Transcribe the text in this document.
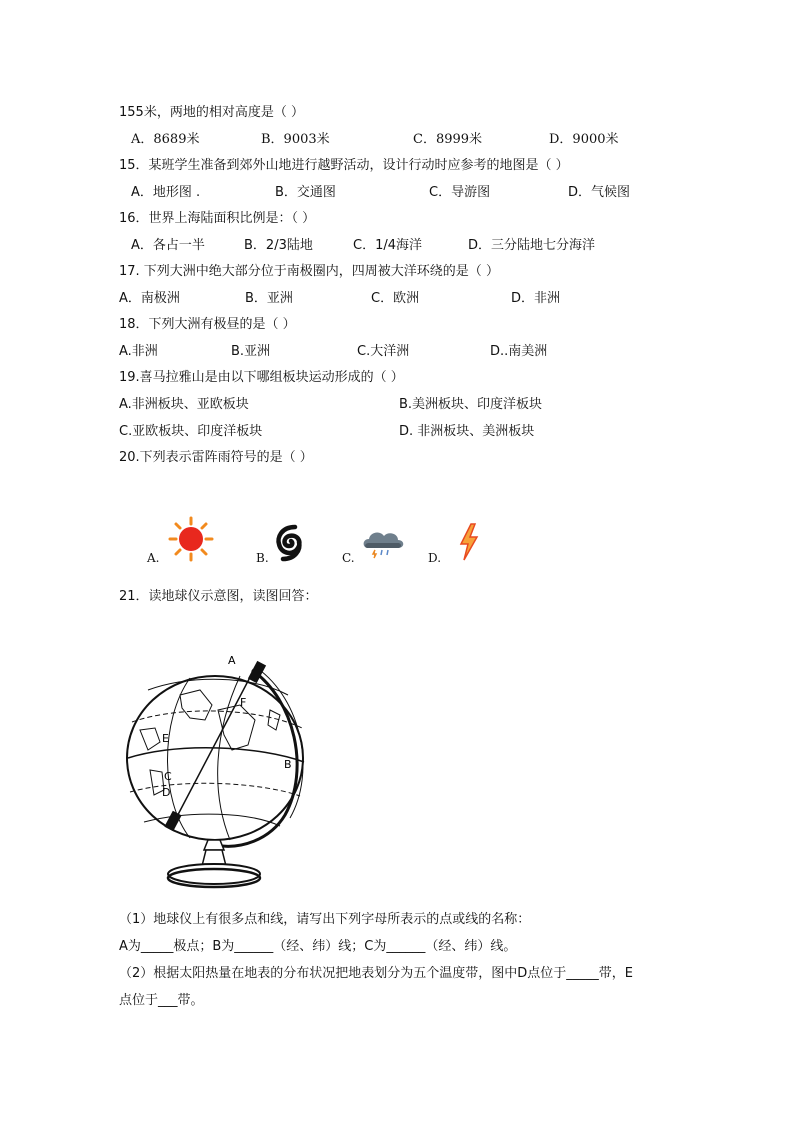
155米，两地的相对高度是（ ）
A．8689米	B．9003米	C．8999米	D．9000米
15．某班学生准备到郊外山地进行越野活动，设计行动时应参考的地图是（ ）
A．地形图 .	B．交通图	C．导游图	D．气候图
16．世界上海陆面积比例是：（ ）
A．各占一半	B．2/3陆地	C．1/4海洋	D．三分陆地七分海洋
17. 下列大洲中绝大部分位于南极圈内，四周被大洋环绕的是（ ）
A．南极洲	B．亚洲	C．欧洲	D．非洲
18．下列大洲有极昼的是（ ）
A.非洲	B.亚洲	C.大洋洲	D..南美洲
19.喜马拉雅山是由以下哪组板块运动形成的（ ）
A.非洲板块、亚欧板块	B.美洲板块、印度洋板块
C.亚欧板块、印度洋板块	D. 非洲板块、美洲板块
20.下列表示雷阵雨符号的是（ ）
A.	B.	C.	D.
21．读地球仪示意图，读图回答：
A
F
E
B
C
D
（1）地球仪上有很多点和线，请写出下列字母所表示的点或线的名称：
A为_____极点；B为______（经、纬）线；C为______（经、纬）线。
（2）根据太阳热量在地表的分布状况把地表划分为五个温度带，图中D点位于_____带，E
点位于___带。
